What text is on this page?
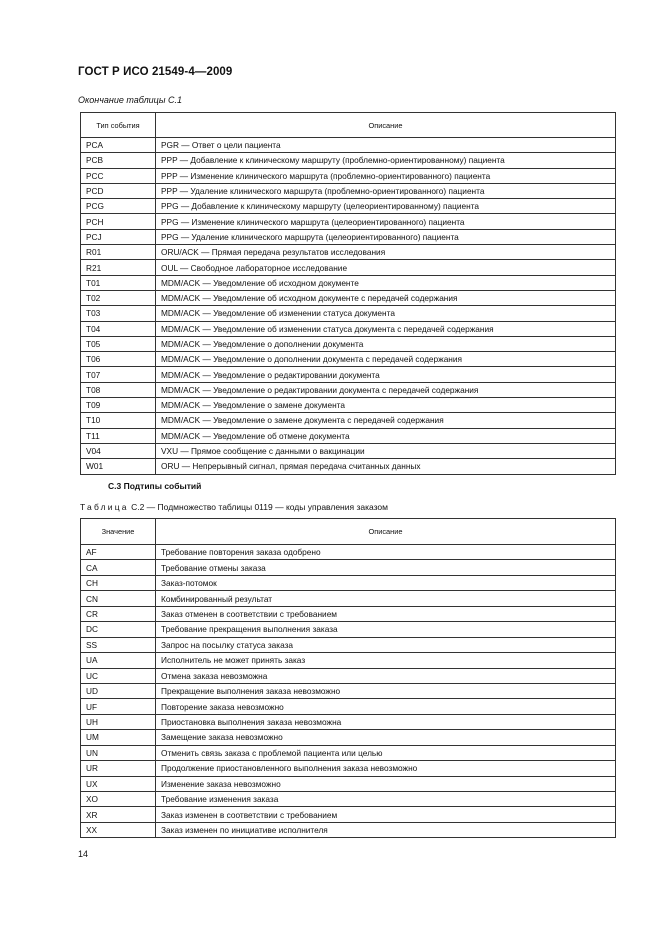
ГОСТ Р ИСО 21549-4—2009
Окончание таблицы С.1
Тип события	Описание
PCA	PGR — Ответ о цели пациента
PCB	PPP — Добавление к клиническому маршруту (проблемно-ориентированному) пациента
PCC	PPP — Изменение клинического маршрута (проблемно-ориентированного) пациента
PCD	PPP — Удаление клинического маршрута (проблемно-ориентированного) пациента
PCG	PPG — Добавление к клиническому маршруту (целеориентированному) пациента
PCH	PPG — Изменение клинического маршрута (целеориентированного) пациента
PCJ	PPG — Удаление клинического маршрута (целеориентированного) пациента
R01	ORU/ACK — Прямая передача результатов исследования
R21	OUL — Свободное лабораторное исследование
T01	MDM/ACK — Уведомление об исходном документе
T02	MDM/ACK — Уведомление об исходном документе с передачей содержания
T03	MDM/ACK — Уведомление об изменении статуса документа
T04	MDM/ACK — Уведомление об изменении статуса документа с передачей содержания
T05	MDM/ACK — Уведомление о дополнении документа
T06	MDM/ACK — Уведомление о дополнении документа с передачей содержания
T07	MDM/ACK — Уведомление о редактировании документа
T08	MDM/ACK — Уведомление о редактировании документа с передачей содержания
T09	MDM/ACK — Уведомление о замене документа
T10	MDM/ACK — Уведомление о замене документа с передачей содержания
T11	MDM/ACK — Уведомление об отмене документа
V04	VXU — Прямое сообщение с данными о вакцинации
W01	ORU — Непрерывный сигнал, прямая передача считанных данных
С.3 Подтипы событий
Таблица С.2 — Подмножество таблицы 0119 — коды управления заказом
Значение	Описание
AF	Требование повторения заказа одобрено
CA	Требование отмены заказа
CH	Заказ-потомок
CN	Комбинированный результат
CR	Заказ отменен в соответствии с требованием
DC	Требование прекращения выполнения заказа
SS	Запрос на посылку статуса заказа
UA	Исполнитель не может принять заказ
UC	Отмена заказа невозможна
UD	Прекращение выполнения заказа невозможно
UF	Повторение заказа невозможно
UH	Приостановка выполнения заказа невозможна
UM	Замещение заказа невозможно
UN	Отменить связь заказа с проблемой пациента или целью
UR	Продолжение приостановленного выполнения заказа невозможно
UX	Изменение заказа невозможно
XO	Требование изменения заказа
XR	Заказ изменен в соответствии с требованием
XX	Заказ изменен по инициативе исполнителя
14
